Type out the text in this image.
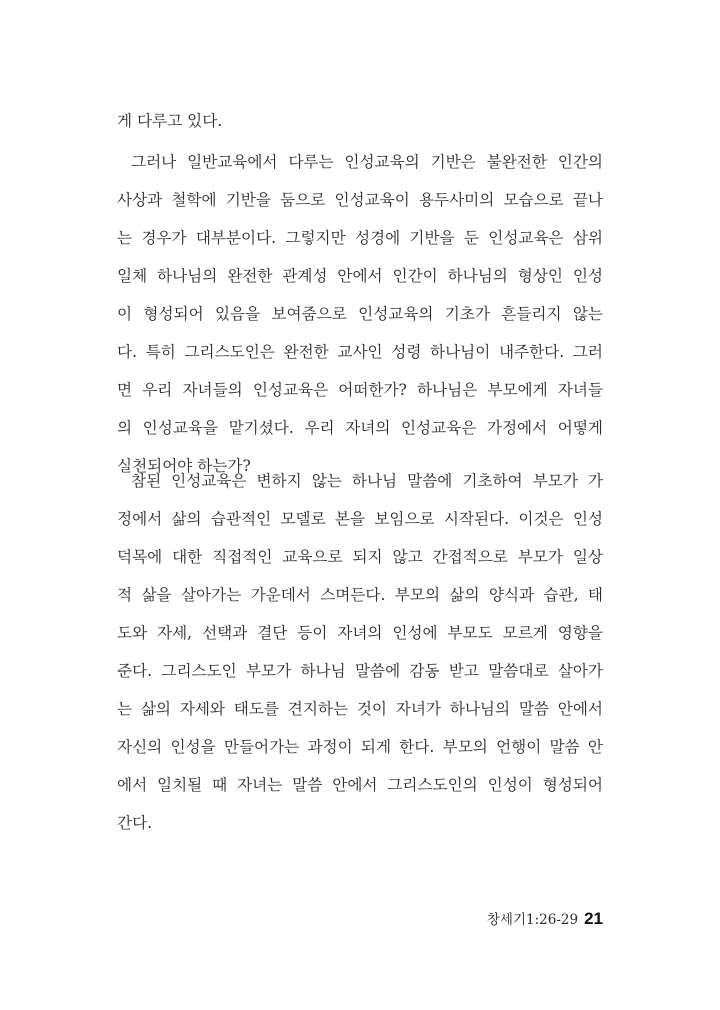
게 다루고 있다.
그러나 일반교육에서 다루는 인성교육의 기반은 불완전한 인간의
사상과 철학에 기반을 둠으로 인성교육이 용두사미의 모습으로 끝나
는 경우가 대부분이다. 그렇지만 성경에 기반을 둔 인성교육은 삼위
일체 하나님의 완전한 관계성 안에서 인간이 하나님의 형상인 인성
이 형성되어 있음을 보여줌으로 인성교육의 기초가 흔들리지 않는
다. 특히 그리스도인은 완전한 교사인 성령 하나님이 내주한다. 그러
면 우리 자녀들의 인성교육은 어떠한가? 하나님은 부모에게 자녀들
의 인성교육을 맡기셨다. 우리 자녀의 인성교육은 가정에서 어떻게
실천되어야 하는가?
참된 인성교육은 변하지 않는 하나님 말씀에 기초하여 부모가 가
정에서 삶의 습관적인 모델로 본을 보임으로 시작된다. 이것은 인성
덕목에 대한 직접적인 교육으로 되지 않고 간접적으로 부모가 일상
적 삶을 살아가는 가운데서 스며든다. 부모의 삶의 양식과 습관, 태
도와 자세, 선택과 결단 등이 자녀의 인성에 부모도 모르게 영향을
준다. 그리스도인 부모가 하나님 말씀에 감동 받고 말씀대로 살아가
는 삶의 자세와 태도를 견지하는 것이 자녀가 하나님의 말씀 안에서
자신의 인성을 만들어가는 과정이 되게 한다. 부모의 언행이 말씀 안
에서 일치될 때 자녀는 말씀 안에서 그리스도인의 인성이 형성되어
간다.
창세기1:26-29 21
